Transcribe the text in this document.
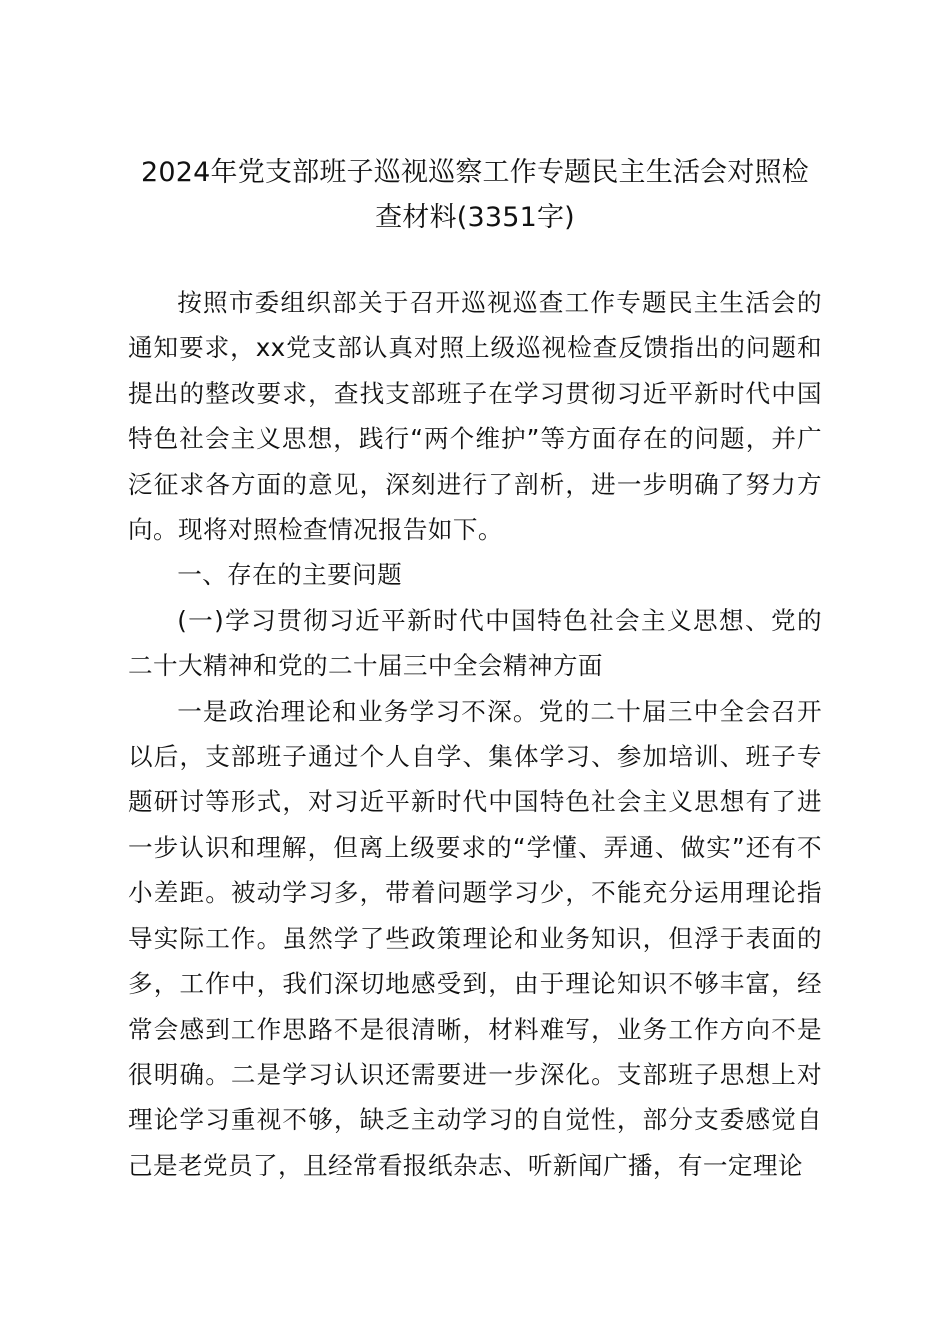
2024年党支部班子巡视巡察工作专题民主生活会对照检查材料(3351字)

按照市委组织部关于召开巡视巡查工作专题民主生活会的通知要求，xx党支部认真对照上级巡视检查反馈指出的问题和提出的整改要求，查找支部班子在学习贯彻习近平新时代中国特色社会主义思想，践行“两个维护”等方面存在的问题，并广泛征求各方面的意见，深刻进行了剖析，进一步明确了努力方向。现将对照检查情况报告如下。

一、存在的主要问题

(一)学习贯彻习近平新时代中国特色社会主义思想、党的二十大精神和党的二十届三中全会精神方面

一是政治理论和业务学习不深。党的二十届三中全会召开以后，支部班子通过个人自学、集体学习、参加培训、班子专题研讨等形式，对习近平新时代中国特色社会主义思想有了进一步认识和理解，但离上级要求的“学懂、弄通、做实”还有不小差距。被动学习多，带着问题学习少，不能充分运用理论指导实际工作。虽然学了些政策理论和业务知识，但浮于表面的多，工作中，我们深切地感受到，由于理论知识不够丰富，经常会感到工作思路不是很清晰，材料难写，业务工作方向不是很明确。二是学习认识还需要进一步深化。支部班子思想上对理论学习重视不够，缺乏主动学习的自觉性，部分支委感觉自己是老党员了，且经常看报纸杂志、听新闻广播，有一定理论
